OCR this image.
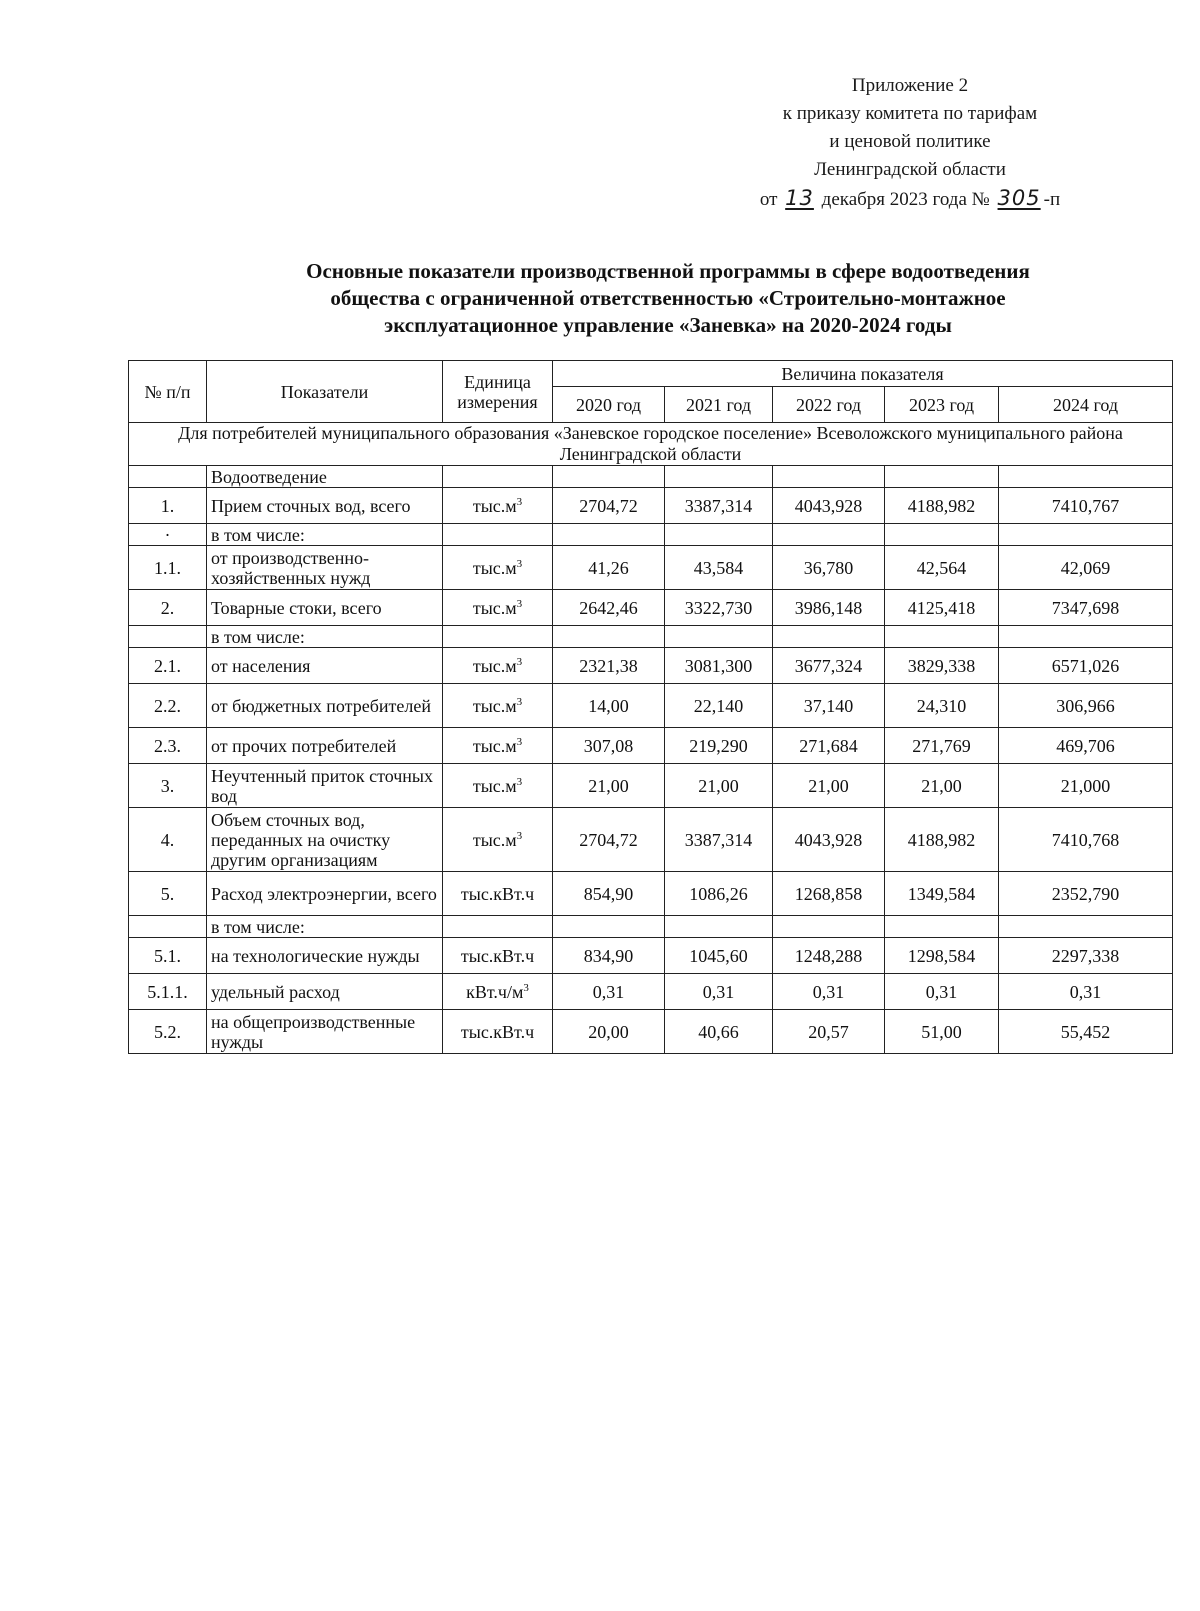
Приложение 2
к приказу комитета по тарифам
и ценовой политике
Ленинградской области
от 13 декабря 2023 года № 305 -п
Основные показатели производственной программы в сфере водоотведения
общества с ограниченной ответственностью «Строительно-монтажное
эксплуатационное управление «Заневка» на 2020-2024 годы
№ п/п	Показатели	Единица измерения	Величина показателя				
			2020 год	2021 год	2022 год	2023 год	2024 год
Для потребителей муниципального образования «Заневское городское поселение» Всеволожского муниципального района Ленинградской области							
	Водоотведение						
1.	Прием сточных вод, всего	$тыс.м^3$	2704,72	3387,314	4043,928	4188,982	7410,767
·	в том числе:						
1.1.	от производственно-хозяйственных нужд	$тыс.м^3$	41,26	43,584	36,780	42,564	42,069
2.	Товарные стоки, всего	$тыс.м^3$	2642,46	3322,730	3986,148	4125,418	7347,698
	в том числе:						
2.1.	от населения	$тыс.м^3$	2321,38	3081,300	3677,324	3829,338	6571,026
2.2.	от бюджетных потребителей	$тыс.м^3$	14,00	22,140	37,140	24,310	306,966
2.3.	от прочих потребителей	$тыс.м^3$	307,08	219,290	271,684	271,769	469,706
3.	Неучтенный приток сточных вод	$тыс.м^3$	21,00	21,00	21,00	21,00	21,000
4.	Объем сточных вод, переданных на очистку другим организациям	$тыс.м^3$	2704,72	3387,314	4043,928	4188,982	7410,768
5.	Расход электроэнергии, всего	тыс.кВт.ч	854,90	1086,26	1268,858	1349,584	2352,790
	в том числе:						
5.1.	на технологические нужды	тыс.кВт.ч	834,90	1045,60	1248,288	1298,584	2297,338
5.1.1.	удельный расход	$кВт.ч/м^3$	0,31	0,31	0,31	0,31	0,31
5.2.	на общепроизводственные нужды	тыс.кВт.ч	20,00	40,66	20,57	51,00	55,452
